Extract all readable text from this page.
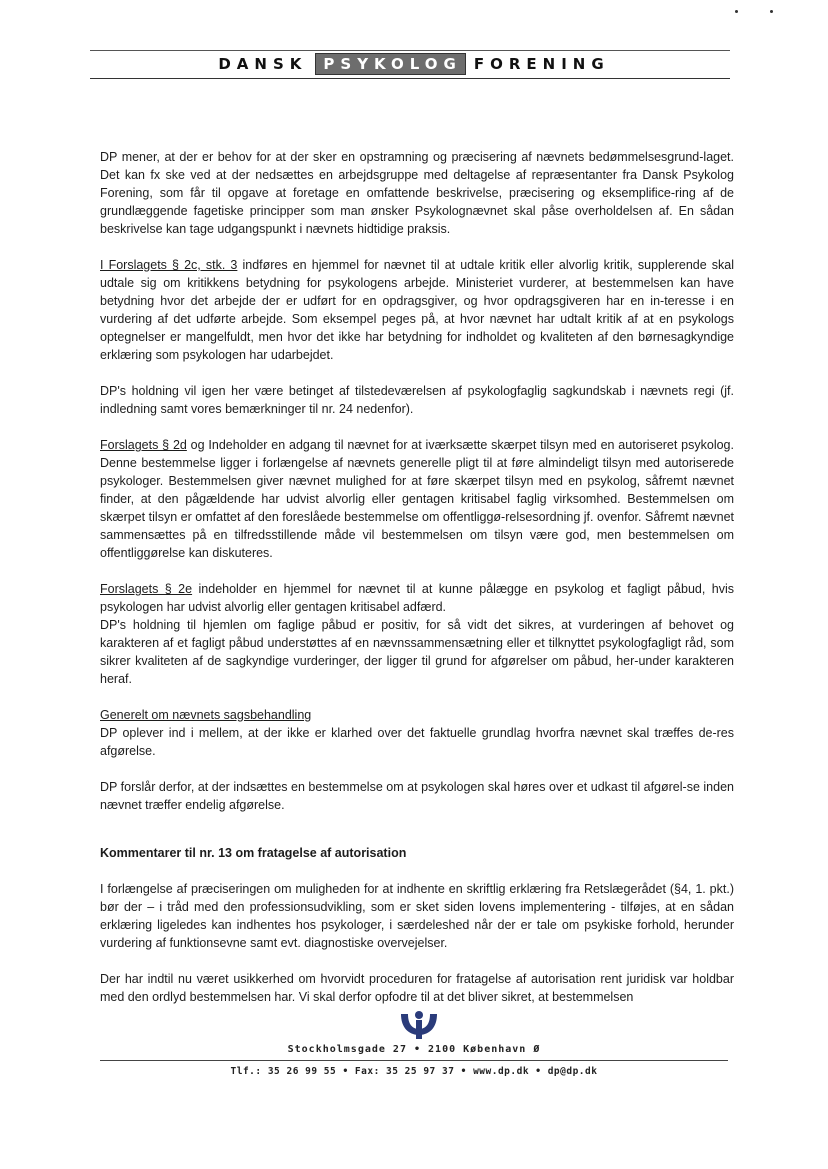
DANSK	PSYKOLOG FORENING

DP mener, at der er behov for at der sker en opstramning og præcisering af nævnets bedømmelsesgrund-laget. Det kan fx ske ved at der nedsættes en arbejdsgruppe med deltagelse af repræsentanter fra Dansk Psykolog Forening, som får til opgave at foretage en omfattende beskrivelse, præcisering og eksemplifice-ring af de grundlæggende fagetiske principper som man ønsker Psykolognævnet skal påse overholdelsen af. En sådan beskrivelse kan tage udgangspunkt i nævnets hidtidige praksis.

I Forslagets § 2c, stk. 3 indføres en hjemmel for nævnet til at udtale kritik eller alvorlig kritik, supplerende skal udtale sig om kritikkens betydning for psykologens arbejde. Ministeriet vurderer, at bestemmelsen kan have betydning hvor det arbejde der er udført for en opdragsgiver, og hvor opdragsgiveren har en in-teresse i en vurdering af det udførte arbejde. Som eksempel peges på, at hvor nævnet har udtalt kritik af at en psykologs optegnelser er mangelfuldt, men hvor det ikke har betydning for indholdet og kvaliteten af den børnesagkyndige erklæring som psykologen har udarbejdet.

DP's holdning vil igen her være betinget af tilstedeværelsen af psykologfaglig sagkundskab i nævnets regi (jf. indledning samt vores bemærkninger til nr. 24 nedenfor).

Forslagets § 2d og Indeholder en adgang til nævnet for at iværksætte skærpet tilsyn med en autoriseret psykolog. Denne bestemmelse ligger i forlængelse af nævnets generelle pligt til at føre almindeligt tilsyn med autoriserede psykologer. Bestemmelsen giver nævnet mulighed for at føre skærpet tilsyn med en psykolog, såfremt nævnet finder, at den pågældende har udvist alvorlig eller gentagen kritisabel faglig virksomhed. Bestemmelsen om skærpet tilsyn er omfattet af den foreslåede bestemmelse om offentliggø-relsesordning jf. ovenfor. Såfremt nævnet sammensættes på en tilfredsstillende måde vil bestemmelsen om tilsyn være god, men bestemmelsen om offentliggørelse kan diskuteres.

Forslagets § 2e indeholder en hjemmel for nævnet til at kunne pålægge en psykolog et fagligt påbud, hvis psykologen har udvist alvorlig eller gentagen kritisabel adfærd.

DP's holdning til hjemlen om faglige påbud er positiv, for så vidt det sikres, at vurderingen af behovet og karakteren af et fagligt påbud understøttes af en nævnssammensætning eller et tilknyttet psykologfagligt råd, som sikrer kvaliteten af de sagkyndige vurderinger, der ligger til grund for afgørelser om påbud, her-under karakteren heraf.

Generelt om nævnets sagsbehandling

DP oplever ind i mellem, at der ikke er klarhed over det faktuelle grundlag hvorfra nævnet skal træffes de-res afgørelse.

DP forslår derfor, at der indsættes en bestemmelse om at psykologen skal høres over et udkast til afgørel-se inden nævnet træffer endelig afgørelse.

Kommentarer til nr. 13 om fratagelse af autorisation

I forlængelse af præciseringen om muligheden for at indhente en skriftlig erklæring fra Retslægerådet (§4, 1. pkt.) bør der – i tråd med den professionsudvikling, som er sket siden lovens implementering - tilføjes, at en sådan erklæring ligeledes kan indhentes hos psykologer, i særdeleshed når der er tale om psykiske forhold, herunder vurdering af funktionsevne samt evt. diagnostiske overvejelser.

Der har indtil nu været usikkerhed om hvorvidt proceduren for fratagelse af autorisation rent juridisk var holdbar med den ordlyd bestemmelsen har. Vi skal derfor opfodre til at det bliver sikret, at bestemmelsen

Stockholmsgade 27 • 2100 København Ø
Tlf.: 35 26 99 55 • Fax: 35 25 97 37 • www.dp.dk • dp@dp.dk
